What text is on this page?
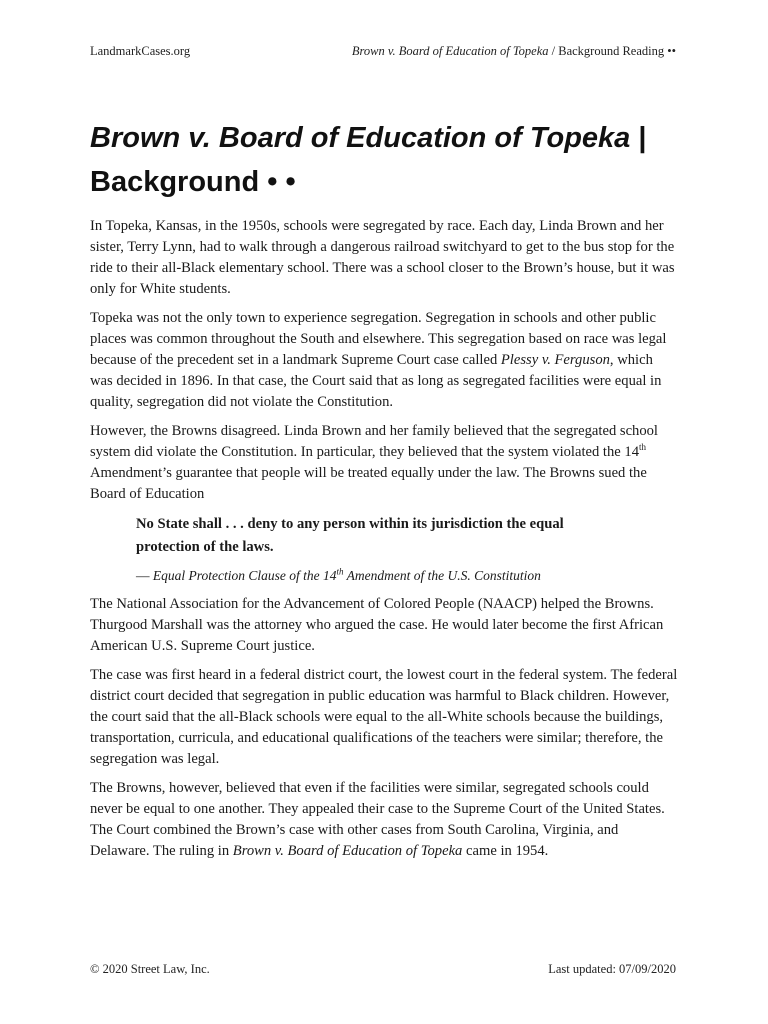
LandmarkCases.org	Brown v. Board of Education of Topeka / Background Reading ••
Brown v. Board of Education of Topeka |
Background • •

In Topeka, Kansas, in the 1950s, schools were segregated by race. Each day, Linda Brown and her sister, Terry Lynn, had to walk through a dangerous railroad switchyard to get to the bus stop for the ride to their all-Black elementary school. There was a school closer to the Brown’s house, but it was only for White students.

Topeka was not the only town to experience segregation. Segregation in schools and other public places was common throughout the South and elsewhere. This segregation based on race was legal because of the precedent set in a landmark Supreme Court case called Plessy v. Ferguson, which was decided in 1896. In that case, the Court said that as long as segregated facilities were equal in quality, segregation did not violate the Constitution.

However, the Browns disagreed. Linda Brown and her family believed that the segregated school system did violate the Constitution. In particular, they believed that the system violated the 14th Amendment’s guarantee that people will be treated equally under the law. The Browns sued the Board of Education

No State shall . . . deny to any person within its jurisdiction the equal protection of the laws.
— Equal Protection Clause of the 14th Amendment of the U.S. Constitution

The National Association for the Advancement of Colored People (NAACP) helped the Browns. Thurgood Marshall was the attorney who argued the case. He would later become the first African American U.S. Supreme Court justice.

The case was first heard in a federal district court, the lowest court in the federal system. The federal district court decided that segregation in public education was harmful to Black children. However, the court said that the all-Black schools were equal to the all-White schools because the buildings, transportation, curricula, and educational qualifications of the teachers were similar; therefore, the segregation was legal.

The Browns, however, believed that even if the facilities were similar, segregated schools could never be equal to one another. They appealed their case to the Supreme Court of the United States. The Court combined the Brown’s case with other cases from South Carolina, Virginia, and Delaware. The ruling in Brown v. Board of Education of Topeka came in 1954.

© 2020 Street Law, Inc.	Last updated: 07/09/2020
